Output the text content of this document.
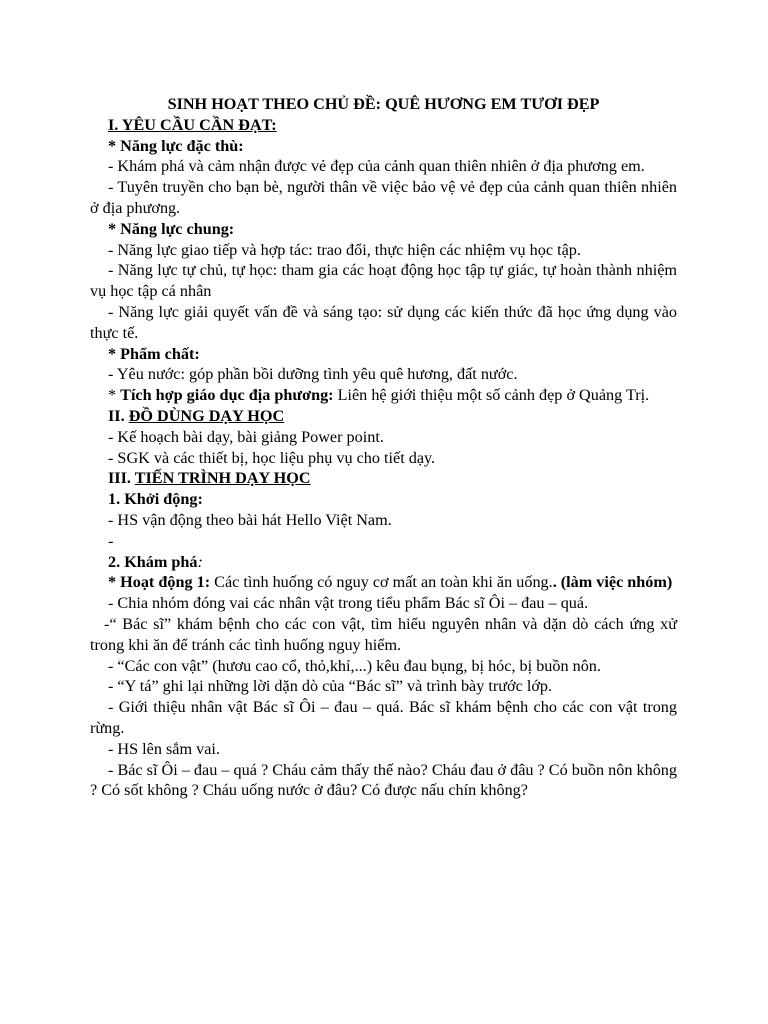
SINH HOẠT THEO CHỦ ĐỀ: QUÊ HƯƠNG EM TƯƠI ĐẸP
I. YÊU CẦU CẦN ĐẠT:
* Năng lực đặc thù:
- Khám phá và cảm nhận được vẻ đẹp của cảnh quan thiên nhiên ở địa phương em.
- Tuyên truyền cho bạn bè, người thân về việc bảo vệ vẻ đẹp của cảnh quan thiên nhiên ở địa phương.
* Năng lực chung:
- Năng lực giao tiếp và hợp tác: trao đổi, thực hiện các nhiệm vụ học tập.
- Năng lực tự chủ, tự học: tham gia các hoạt động học tập tự giác, tự hoàn thành nhiệm vụ học tập cá nhân
- Năng lực giải quyết vấn đề và sáng tạo: sử dụng các kiến thức đã học ứng dụng vào thực tế.
* Phẩm chất:
- Yêu nước: góp phần bồi dưỡng tình yêu quê hương, đất nước.
* Tích hợp giáo dục địa phương: Liên hệ giới thiệu một số cảnh đẹp ở Quảng Trị.
II. ĐỒ DÙNG DẠY HỌC
- Kế hoạch bài dạy, bài giảng Power point.
- SGK và các thiết bị, học liệu phụ vụ cho tiết dạy.
III. TIẾN TRÌNH DẠY HỌC
1. Khởi động:
- HS vận động theo bài hát Hello Việt Nam.
-
2. Khám phá:
* Hoạt động 1: Các tình huống có nguy cơ mất an toàn khi ăn uống.. (làm việc nhóm)
- Chia nhóm đóng vai các nhân vật trong tiểu phẩm Bác sĩ Ôi – đau – quá.
-“ Bác sĩ” khám bệnh cho các con vật, tìm hiểu nguyên nhân và dặn dò cách ứng xử trong khi ăn để tránh các tình huống nguy hiểm.
- “Các con vật” (hươu cao cổ, thỏ,khỉ,...) kêu đau bụng, bị hóc, bị buồn nôn.
- “Y tá” ghi lại những lời dặn dò của “Bác sĩ” và trình bày trước lớp.
- Giới thiệu nhân vật Bác sĩ Ôi – đau – quá. Bác sĩ khám bệnh cho các con vật trong rừng.
- HS lên sắm vai.
- Bác sĩ Ôi – đau – quá ? Cháu cảm thấy thế nào? Cháu đau ở đâu ? Có buồn nôn không ? Có sốt không ? Cháu uống nước ở đâu? Có được nấu chín không?
